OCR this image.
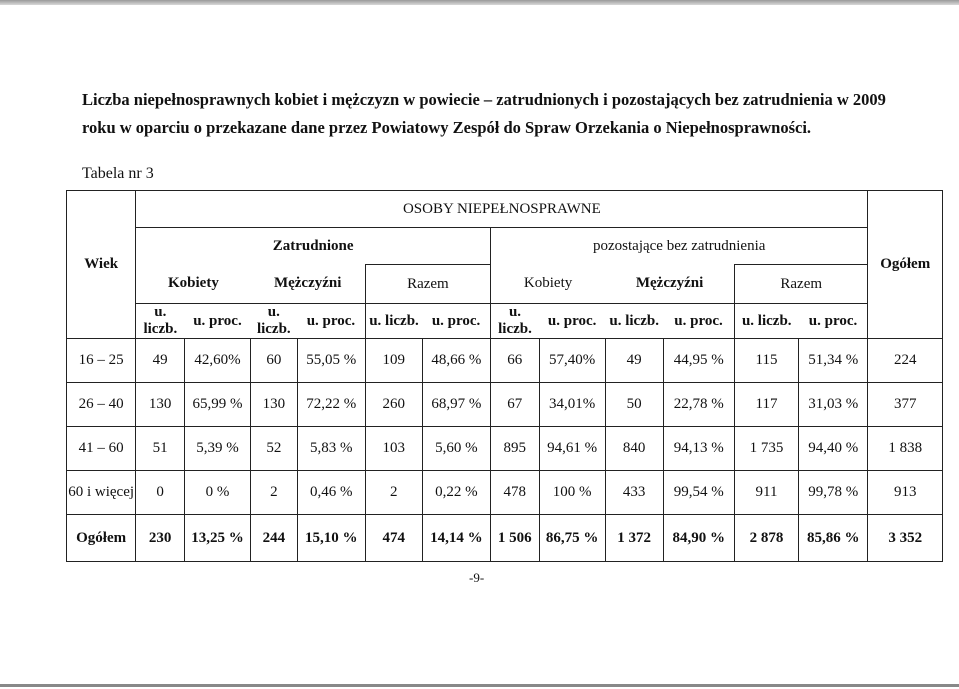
Liczba niepełnosprawnych kobiet i mężczyzn w powiecie – zatrudnionych i pozostających bez zatrudnienia w 2009
roku w oparciu o przekazane dane przez Powiatowy Zespół do Spraw Orzekania o Niepełnosprawności.
Tabela nr 3
Wiek	OSOBY NIEPEŁNOSPRAWNE												Ogółem
	Zatrudnione						pozostające bez zatrudnienia						
	Kobiety		Mężczyźni		Razem		Kobiety		Mężczyźni		Razem		
	u. liczb.	u. proc.	u. liczb.	u. proc.	u. liczb.	u. proc.	u. liczb.	u. proc.	u. liczb.	u. proc.	u. liczb.	u. proc.	
16 – 25	49	42,60%	60	55,05 %	109	48,66 %	66	57,40%	49	44,95 %	115	51,34 %	224
26 – 40	130	65,99 %	130	72,22 %	260	68,97 %	67	34,01%	50	22,78 %	117	31,03 %	377
41 – 60	51	5,39 %	52	5,83 %	103	5,60 %	895	94,61 %	840	94,13 %	1 735	94,40 %	1 838
60 i więcej	0	0 %	2	0,46 %	2	0,22 %	478	100 %	433	99,54 %	911	99,78 %	913
Ogółem	230	13,25 %	244	15,10 %	474	14,14 %	1 506	86,75 %	1 372	84,90 %	2 878	85,86 %	3 352
-9-
